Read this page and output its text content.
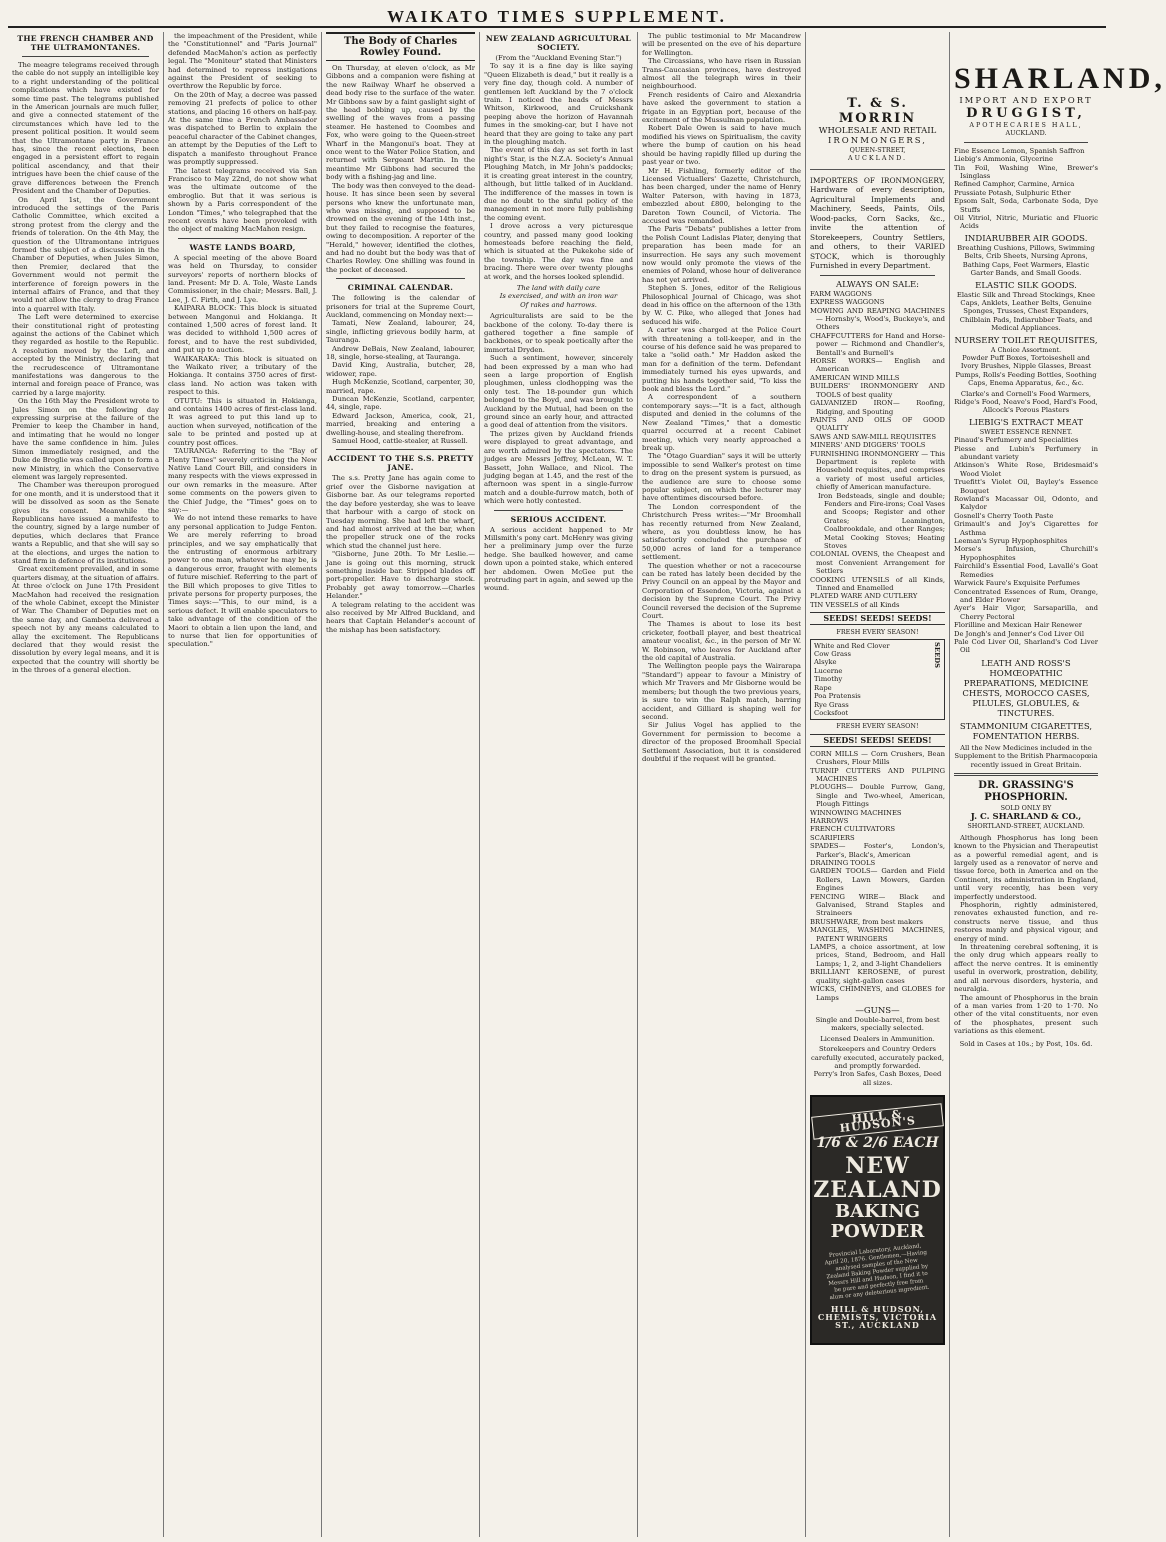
WAIKATO TIMES SUPPLEMENT.
THE FRENCH CHAMBER AND THE ULTRAMONTANES.

The meagre telegrams received through the cable do not supply an intelligible key to a right understanding of the political complications which have existed for some time past. The telegrams published in the American journals are much fuller, and give a connected statement of the circumstances which have led to the present political position. It would seem that the Ultramontane party in France has, since the recent elections, been engaged in a persistent effort to regain political ascendancy, and that their intrigues have been the chief cause of the grave differences between the French President and the Chamber of Deputies.

On April 1st, the Government introduced the settings of the Paris Catholic Committee, which excited a strong protest from the clergy and the friends of toleration. On the 4th May, the question of the Ultramontane intrigues formed the subject of a discussion in the Chamber of Deputies, when Jules Simon, then Premier, declared that the Government would not permit the interference of foreign powers in the internal affairs of France, and that they would not allow the clergy to drag France into a quarrel with Italy.

The Left were determined to exercise their constitutional right of protesting against the actions of the Cabinet which they regarded as hostile to the Republic. A resolution moved by the Left, and accepted by the Ministry, declaring that the recrudescence of Ultramontane manifestations was dangerous to the internal and foreign peace of France, was carried by a large majority.

On the 16th May the President wrote to Jules Simon on the following day expressing surprise at the failure of the Premier to keep the Chamber in hand, and intimating that he would no longer have the same confidence in him. Jules Simon immediately resigned, and the Duke de Broglie was called upon to form a new Ministry, in which the Conservative element was largely represented.

The Chamber was thereupon prorogued for one month, and it is understood that it will be dissolved as soon as the Senate gives its consent. Meanwhile the Republicans have issued a manifesto to the country, signed by a large number of deputies, which declares that France wants a Republic, and that she will say so at the elections, and urges the nation to stand firm in defence of its institutions.

Great excitement prevailed, and in some quarters dismay, at the situation of affairs. At three o'clock on June 17th President MacMahon had received the resignation of the whole Cabinet, except the Minister of War. The Chamber of Deputies met on the same day, and Gambetta delivered a speech not by any means calculated to allay the excitement. The Republicans declared that they would resist the dissolution by every legal means, and it is expected that the country will shortly be in the throes of a general election.

the impeachment of the President, while the "Constitutionnel" and "Paris Journal" defended MacMahon's action as perfectly legal. The "Moniteur" stated that Ministers had determined to repress instigations against the President of seeking to overthrow the Republic by force.

On the 20th of May, a decree was passed removing 21 prefects of police to other stations, and placing 16 others on half-pay. At the same time a French Ambassador was dispatched to Berlin to explain the peaceful character of the Cabinet changes, an attempt by the Deputies of the Left to dispatch a manifesto throughout France was promptly suppressed.

The latest telegrams received via San Francisco to May 22nd, do not show what was the ultimate outcome of the embroglio. But that it was serious is shown by a Paris correspondent of the London "Times," who telegraphed that the recent events have been provoked with the object of making MacMahon resign.

WASTE LANDS BOARD,

A special meeting of the above Board was held on Thursday, to consider surveyors' reports of northern blocks of land. Present: Mr D. A. Tole, Waste Lands Commissioner, in the chair; Messrs. Ball, J. Lee, J. C. Firth, and J. Lye.

KAIPARA BLOCK: This block is situated between Mangonui and Hokianga. It contained 1,500 acres of forest land. It was decided to withhold 1,500 acres of forest, and to have the rest subdivided, and put up to auction.

WAIKARAKA: This block is situated on the Waikato river, a tributary of the Hokianga. It contains 3750 acres of first-class land. No action was taken with respect to this.

OTUTU: This is situated in Hokianga, and contains 1400 acres of first-class land. It was agreed to put this land up to auction when surveyed, notification of the sale to be printed and posted up at country post offices.

TAURANGA: Referring to the "Bay of Plenty Times" severely criticising the New Native Land Court Bill, and considers in many respects with the views expressed in our own remarks in the measure. After some comments on the powers given to the Chief Judge, the "Times" goes on to say:—

We do not intend these remarks to have any personal application to Judge Fenton. We are merely referring to broad principles, and we say emphatically that the entrusting of enormous arbitrary power to one man, whatever he may be, is a dangerous error, fraught with elements of future mischief. Referring to the part of the Bill which proposes to give Titles to private persons for property purposes, the Times says:—"This, to our mind, is a serious defect. It will enable speculators to take advantage of the condition of the Maori to obtain a lien upon the land, and to nurse that lien for opportunities of speculation."

The Body of Charles Rowley Found.

On Thursday, at eleven o'clock, as Mr Gibbons and a companion were fishing at the new Railway Wharf he observed a dead body rise to the surface of the water. Mr Gibbons saw by a faint gaslight sight of the head bobbing up, caused by the swelling of the waves from a passing steamer. He hastened to Coombes and Fox, who were going to the Queen-street Wharf in the Mangonui's boat. They at once went to the Water Police Station, and returned with Sergeant Martin. In the meantime Mr Gibbons had secured the body with a fishing-jag and line.

The body was then conveyed to the dead-house. It has since been seen by several persons who knew the unfortunate man, who was missing, and supposed to be drowned on the evening of the 14th inst., but they failed to recognise the features, owing to decomposition. A reporter of the "Herald," however, identified the clothes, and had no doubt but the body was that of Charles Rowley. One shilling was found in the pocket of deceased.

CRIMINAL CALENDAR.

The following is the calendar of prisoners for trial at the Supreme Court, Auckland, commencing on Monday next:—

Tamati, New Zealand, labourer, 24, single, inflicting grievous bodily harm, at Tauranga.

Andrew DeBais, New Zealand, labourer, 18, single, horse-stealing, at Tauranga.

David King, Australia, butcher, 28, widower, rape.

Hugh McKenzie, Scotland, carpenter, 30, married, rape.

Duncan McKenzie, Scotland, carpenter, 44, single, rape.

Edward Jackson, America, cook, 21, married, breaking and entering a dwelling-house, and stealing therefrom.

Samuel Hood, cattle-stealer, at Russell.

ACCIDENT TO THE S.S. PRETTY JANE.

The s.s. Pretty Jane has again come to grief over the Gisborne navigation at Gisborne bar. As our telegrams reported the day before yesterday, she was to leave that harbour with a cargo of stock on Tuesday morning. She had left the wharf, and had almost arrived at the bar, when the propeller struck one of the rocks which stud the channel just here.

"Gisborne, June 20th. To Mr Leslie.—Jane is going out this morning, struck something inside bar. Stripped blades off port-propeller. Have to discharge stock. Probably get away tomorrow.—Charles Helander."

A telegram relating to the accident was also received by Mr Alfred Buckland, and hears that Captain Helander's account of the mishap has been satisfactory.

NEW ZEALAND AGRICULTURAL SOCIETY.

(From the "Auckland Evening Star.")

To say it is a fine day is like saying "Queen Elizabeth is dead," but it really is a very fine day, though cold. A number of gentlemen left Auckland by the 7 o'clock train. I noticed the heads of Messrs Whitson, Kirkwood, and Cruickshank peeping above the horizon of Havannah fumes in the smoking-car, but I have not heard that they are going to take any part in the ploughing match.

The event of this day as set forth in last night's Star, is the N.Z.A. Society's Annual Ploughing Match, in Mr John's paddocks; it is creating great interest in the country, although, but little talked of in Auckland. The indifference of the masses in town is due no doubt to the sinful policy of the management in not more fully publishing the coming event.

I drove across a very picturesque country, and passed many good looking homesteads before reaching the field, which is situated at the Pukekohe side of the township. The day was fine and bracing. There were over twenty ploughs at work, and the horses looked splendid.

The land with daily care
Is exercised, and with an iron war
Of rakes and harrows.

Agriculturalists are said to be the backbone of the colony. To-day there is gathered together a fine sample of backbones, or to speak poetically after the immortal Dryden.

Such a sentiment, however, sincerely had been expressed by a man who had seen a large proportion of English ploughmen, unless clodhopping was the only test. The 18-pounder gun which belonged to the Boyd, and was brought to Auckland by the Mutual, had been on the ground since an early hour, and attracted a good deal of attention from the visitors.

The prizes given by Auckland friends were displayed to great advantage, and are worth admired by the spectators. The judges are Messrs Jeffrey, McLean, W. T. Bassett, John Wallace, and Nicol. The judging began at 1.45, and the rest of the afternoon was spent in a single-furrow match and a double-furrow match, both of which were hotly contested.

SERIOUS ACCIDENT.

A serious accident happened to Mr Millsmith's pony cart. McHenry was giving her a preliminary jump over the furze hedge. She baulked however, and came down upon a pointed stake, which entered her abdomen. Owen McGee put the protruding part in again, and sewed up the wound.

The public testimonial to Mr Macandrew will be presented on the eve of his departure for Wellington.

The Circassians, who have risen in Russian Trans-Caucasian provinces, have destroyed almost all the telegraph wires in their neighbourhood.

French residents of Cairo and Alexandria have asked the government to station a frigate in an Egyptian port, because of the excitement of the Mussulman population.

Robert Dale Owen is said to have much modified his views on Spiritualism, the cavity where the bump of caution on his head should be having rapidly filled up during the past year or two.

Mr H. Fishling, formerly editor of the Licensed Victuallers' Gazette, Christchurch, has been charged, under the name of Henry Walter Paterson, with having in 1873, embezzled about £800, belonging to the Dareton Town Council, of Victoria. The accused was remanded.

The Paris "Debats" publishes a letter from the Polish Count Ladislas Plater, denying that preparation has been made for an insurrection. He says any such movement now would only promote the views of the enemies of Poland, whose hour of deliverance has not yet arrived.

Stephen S. Jones, editor of the Religious Philosophical Journal of Chicago, was shot dead in his office on the afternoon of the 13th by W. C. Pike, who alleged that Jones had seduced his wife.

A carter was charged at the Police Court with threatening a toll-keeper, and in the course of his defence said he was prepared to take a "solid oath." Mr Haddon asked the man for a definition of the term. Defendant immediately turned his eyes upwards, and putting his hands together said, "To kiss the book and bless the Lord."

A correspondent of a southern contemporary says:—"It is a fact, although disputed and denied in the columns of the New Zealand "Times," that a domestic quarrel occurred at a recent Cabinet meeting, which very nearly approached a break up.

The "Otago Guardian" says it will be utterly impossible to send Walker's protest on time to drag on the present system is pursued, as the audience are sure to choose some popular subject, on which the lecturer may have oftentimes discoursed before.

The London correspondent of the Christchurch Press writes:—"Mr Broomhall has recently returned from New Zealand, where, as you doubtless know, he has satisfactorily concluded the purchase of 50,000 acres of land for a temperance settlement.

The question whether or not a racecourse can be rated has lately been decided by the Privy Council on an appeal by the Mayor and Corporation of Essendon, Victoria, against a decision by the Supreme Court. The Privy Council reversed the decision of the Supreme Court.

The Thames is about to lose its best cricketer, football player, and best theatrical amateur vocalist, &c., in the person of Mr W. W. Robinson, who leaves for Auckland after the old capital of Australia.

The Wellington people pays the Wairarapa "Standard") appear to favour a Ministry of which Mr Travers and Mr Gisborne would be members; but though the two previous years, is sure to win the Ralph match, barring accident, and Gilliard is shaping well for second.

Sir Julius Vogel has applied to the Government for permission to become a director of the proposed Broomhall Special Settlement Association, but it is considered doubtful if the request will be granted.

T. & S. MORRIN
WHOLESALE AND RETAIL
IRONMONGERS,
QUEEN-STREET,
AUCKLAND.

IMPORTERS OF IRONMONGERY, Hardware of every description, Agricultural Implements and Machinery, Seeds, Paints, Oils, Wood-packs, Corn Sacks, &c., invite the attention of Storekeepers, Country Settlers, and others, to their VARIED STOCK, which is thoroughly Furnished in every Department.

ALWAYS ON SALE:
FARM WAGGONS
EXPRESS WAGGONS
MOWING AND REAPING MACHINES— Hornsby's, Wood's, Buckeye's, and Others
CHAFFCUTTERS for Hand and Horse-power — Richmond and Chandler's, Bentall's and Burnell's
HORSE WORKS— English and American
AMERICAN WIND MILLS
BUILDERS' IRONMONGERY AND TOOLS of best quality
GALVANIZED IRON— Roofing, Ridging, and Spouting
PAINTS AND OILS OF GOOD QUALITY
SAWS AND SAW-MILL REQUISITES
MINERS' AND DIGGERS' TOOLS
FURNISHING IRONMONGERY — This Department is replete with Household requisites, and comprises a variety of most useful articles, chiefly of American manufacture.
Iron Bedsteads, single and double; Fenders and Fire-irons; Coal Vases and Scoops; Register and other Grates; Leamington, Coalbrookdale, and other Ranges; Metal Cooking Stoves; Heating Stoves
COLONIAL OVENS, the Cheapest and most Convenient Arrangement for Settlers
COOKING UTENSILS of all Kinds, Tinned and Enamelled
PLATED WARE AND CUTLERY
TIN VESSELS of all Kinds
SEEDS! SEEDS! SEEDS!
FRESH EVERY SEASON!
White and Red Clover
Cow Grass
Alsyke
Lucerne
Timothy
Rape
Poa Pratensis
Rye Grass
Cocksfoot
SEEDS
FRESH EVERY SEASON!
SEEDS! SEEDS! SEEDS!
CORN MILLS — Corn Crushers, Bean Crushers, Flour Mills
TURNIP CUTTERS AND PULPING MACHINES
PLOUGHS— Double Furrow, Gang, Single and Two-wheel, American, Plough Fittings
WINNOWING MACHINES
HARROWS
FRENCH CULTIVATORS
SCARIFIERS
SPADES— Foster's, London's, Parker's, Black's, American
DRAINING TOOLS
GARDEN TOOLS— Garden and Field Rollers, Lawn Mowers, Garden Engines
FENCING WIRE— Black and Galvanised, Strand Staples and Straineers
BRUSHWARE, from best makers
MANGLES, WASHING MACHINES, PATENT WRINGERS
LAMPS, a choice assortment, at low prices, Stand, Bedroom, and Hall Lamps; 1, 2, and 3-light Chandeliers
BRILLIANT KEROSENE, of purest quality, sight-gallon cases
WICKS, CHIMNEYS, and GLOBES for Lamps
—GUNS—
Single and Double-barrel, from best makers, specially selected.
Licensed Dealers in Ammunition.
Storekeepers and Country Orders carefully executed, accurately packed, and promptly forwarded.
Perry's Iron Safes, Cash Boxes, Deed all sizes.
HILL & HUDSON'S
1/6 & 2/6 EACH
NEW ZEALAND
BAKING POWDER
Provincial Laboratory, Auckland, April 20, 1876. Gentlemen,—Having analysed samples of the New Zealand Baking Powder supplied by Messrs Hill and Hudson, I find it to be pure and perfectly free from alum or any deleterious ingredient.
HILL & HUDSON, CHEMISTS, VICTORIA ST., AUCKLAND
SHARLAND,
IMPORT AND EXPORT
DRUGGIST,
APOTHECARIES HALL,
AUCKLAND.
Fine Essence Lemon, Spanish Saffron
Liebig's Ammonia, Glycerine
Tin Foil, Washing Wine, Brewer's Isinglass
Refined Camphor, Carmine, Arnica
Prussiate Potash, Sulphuric Ether
Epsom Salt, Soda, Carbonate Soda, Dye Stuffs
Oil Vitriol, Nitric, Muriatic and Fluoric Acids
INDIARUBBER AIR GOODS.
Breathing Cushions, Pillows, Swimming Belts, Crib Sheets, Nursing Aprons, Bathing Caps, Feet Warmers, Elastic Garter Bands, and Small Goods.
ELASTIC SILK GOODS.
Elastic Silk and Thread Stockings, Knee Caps, Anklets, Leather Belts, Genuine Sponges, Trusses, Chest Expanders, Chilblain Pads, Indiarubber Teats, and Medical Appliances.
NURSERY TOILET REQUISITES,
A Choice Assortment.
Powder Puff Boxes, Tortoiseshell and Ivory Brushes, Nipple Glasses, Breast Pumps, Rolls's Feeding Bottles, Soothing Caps, Enema Apparatus, &c., &c.
Clarke's and Cornell's Food Warmers, Ridge's Food, Neave's Food, Hard's Food, Allcock's Porous Plasters
LIEBIG'S EXTRACT MEAT
SWEET ESSENCE RENNET.
Pinaud's Perfumery and Specialities
Piesse and Lubin's Perfumery in abundant variety
Atkinson's White Rose, Bridesmaid's Wood Violet
Truefitt's Violet Oil, Bayley's Essence Bouquet
Rowland's Macassar Oil, Odonto, and Kalydor
Gosnell's Cherry Tooth Paste
Grimault's and Joy's Cigarettes for Asthma
Leeman's Syrup Hypophosphites
Morse's Infusion, Churchill's Hypophosphites
Fairchild's Essential Food, Lavallé's Goat Remedies
Warwick Faure's Exquisite Perfumes
Concentrated Essences of Rum, Orange, and Elder Flower
Ayer's Hair Vigor, Sarsaparilla, and Cherry Pectoral
Florilline and Mexican Hair Renewer
De Jongh's and Jenner's Cod Liver Oil
Pale Cod Liver Oil, Sharland's Cod Liver Oil
LEATH AND ROSS'S HOMŒOPATHIC PREPARATIONS, MEDICINE CHESTS, MOROCCO CASES, PILULES, GLOBULES, & TINCTURES.
STAMMONIUM CIGARETTES, FOMENTATION HERBS.
All the New Medicines included in the Supplement to the British Pharmacopœia recently issued in Great Britain.
DR. GRASSING'S PHOSPHORIN.
SOLD ONLY BY
J. C. SHARLAND & CO.,
SHORTLAND-STREET, AUCKLAND.

Although Phosphorus has long been known to the Physician and Therapeutist as a powerful remedial agent, and is largely used as a renovator of nerve and tissue force, both in America and on the Continent, its administration in England, until very recently, has been very imperfectly understood.

Phosphorin, rightly administered, renovates exhausted function, and re-constructs nerve tissue, and thus restores manly and physical vigour, and energy of mind.

In threatening cerebral softening, it is the only drug which appears really to affect the nerve centres. It is eminently useful in overwork, prostration, debility, and all nervous disorders, hysteria, and neuralgia.

The amount of Phosphorus in the brain of a man varies from 1·20 to 1·70. No other of the vital constituents, nor even of the phosphates, present such variations as this element.

Sold in Cases at 10s.; by Post, 10s. 6d.
